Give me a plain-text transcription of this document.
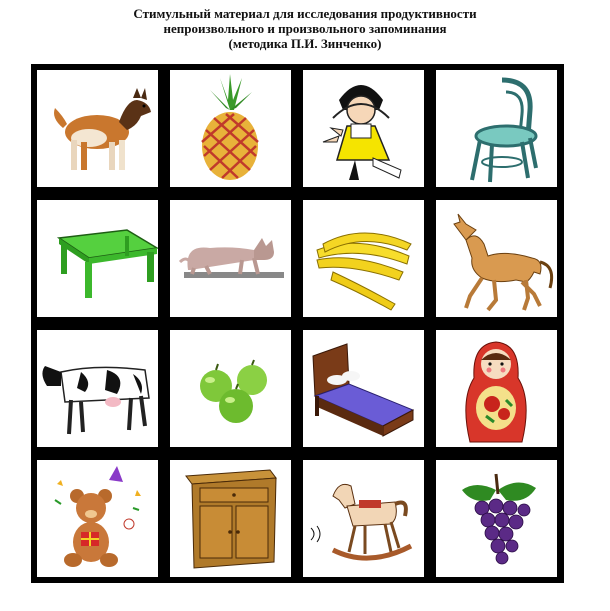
Стимульный материал для исследования продуктивности
непроизвольного и произвольного запоминания
(методика П.И. Зинченко)
